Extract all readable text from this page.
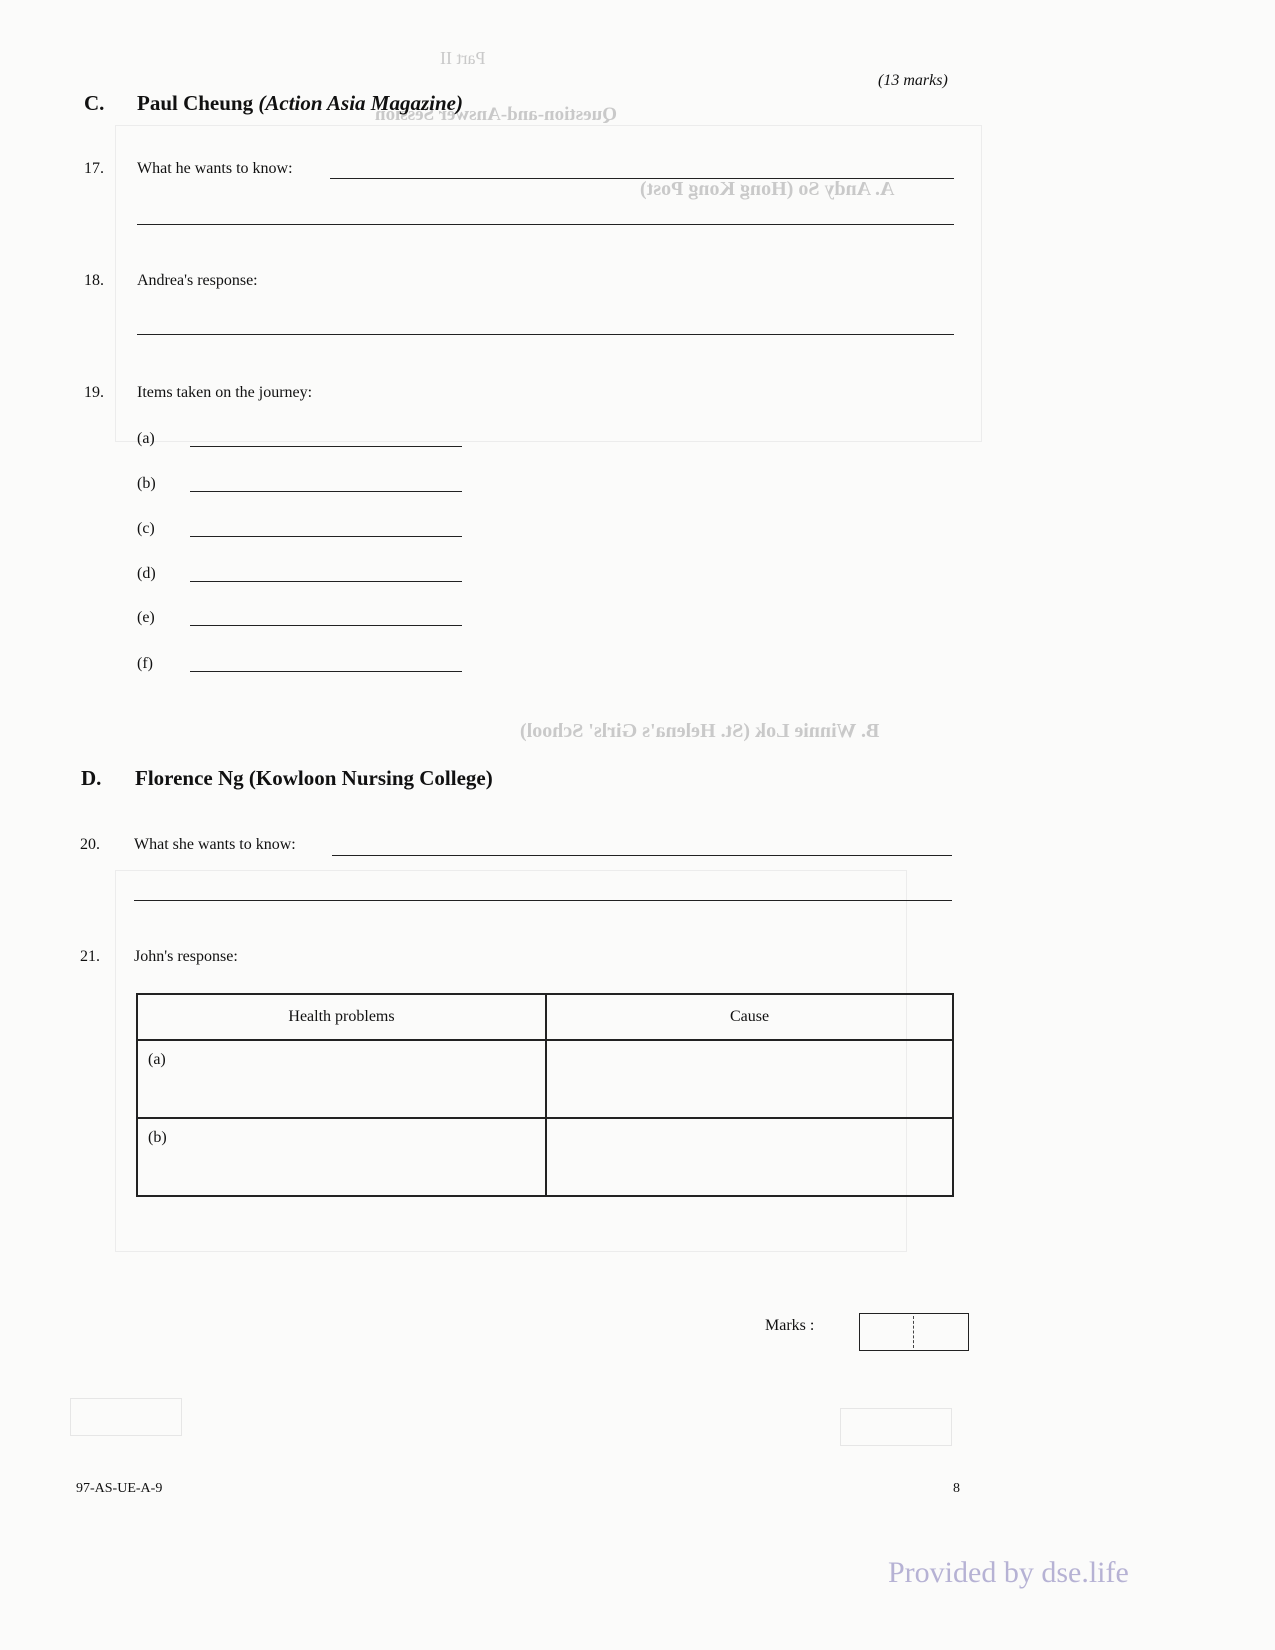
Part II
Question-and-Answer Session
A. Andy So (Hong Kong Post)
B. Winnie Lok (St. Helena's Girls' School)
(13 marks)
C. Paul Cheung (Action Asia Magazine)
17. What he wants to know:
18. Andrea's response:
19. Items taken on the journey:
(a)
(b)
(c)
(d)
(e)
(f)
D. Florence Ng (Kowloon Nursing College)
20. What she wants to know:
21. John's response:
Health problems	Cause
(a)	
(b)	
Marks :
97-AS-UE-A-9	8
Provided by dse.life
